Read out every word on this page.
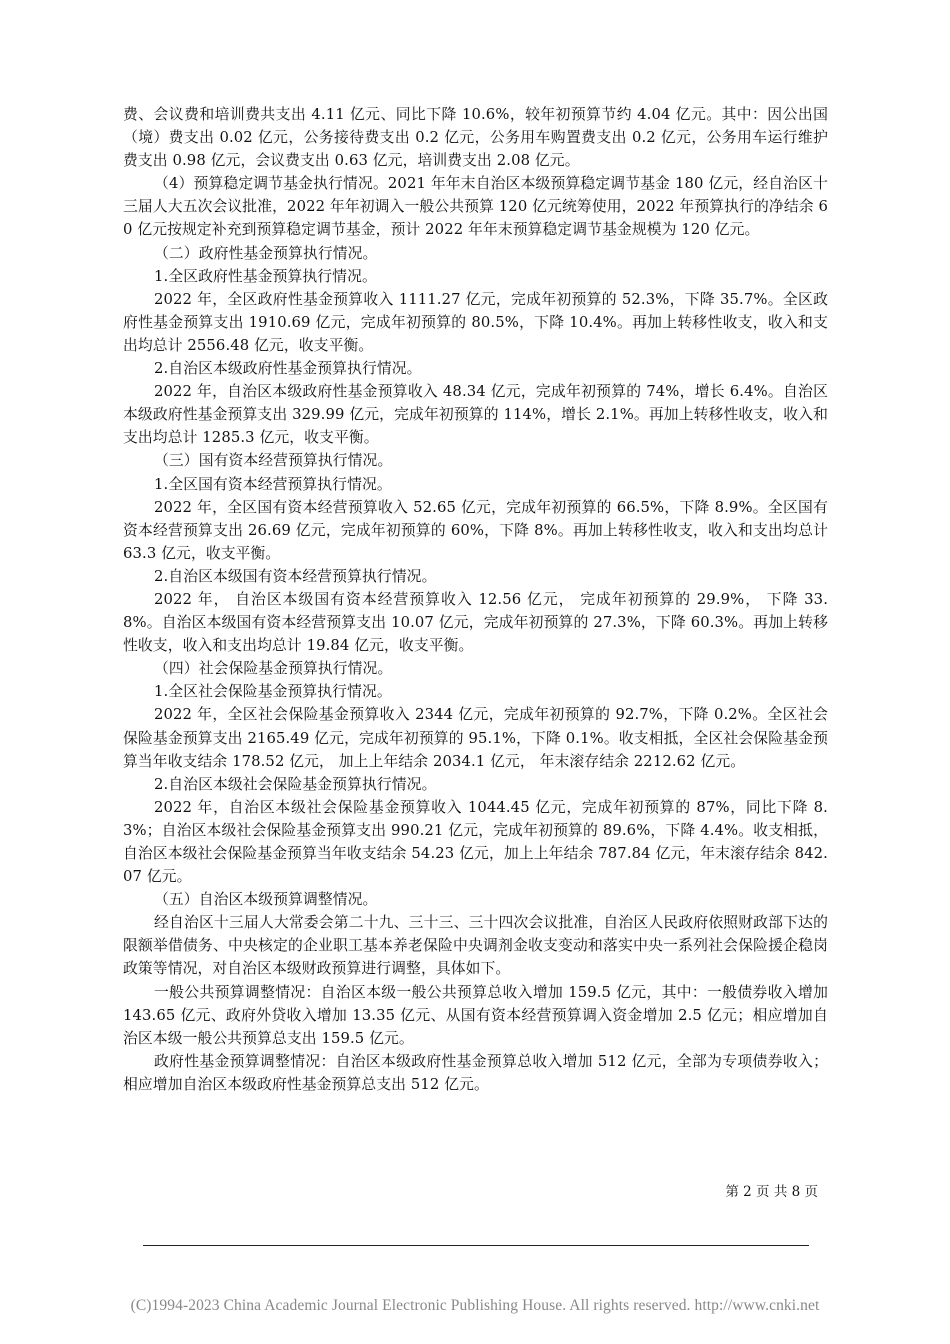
费、会议费和培训费共支出 4.11 亿元、同比下降 10.6%，较年初预算节约 4.04 亿元。其中：因公出国（境）费支出 0.02 亿元，公务接待费支出 0.2 亿元，公务用车购置费支出 0.2 亿元，公务用车运行维护费支出 0.98 亿元，会议费支出 0.63 亿元，培训费支出 2.08 亿元。

（4）预算稳定调节基金执行情况。2021 年年末自治区本级预算稳定调节基金 180 亿元，经自治区十三届人大五次会议批准，2022 年年初调入一般公共预算 120 亿元统筹使用，2022 年预算执行的净结余 60 亿元按规定补充到预算稳定调节基金，预计 2022 年年末预算稳定调节基金规模为 120 亿元。

（二）政府性基金预算执行情况。

1.全区政府性基金预算执行情况。

2022 年，全区政府性基金预算收入 1111.27 亿元，完成年初预算的 52.3%，下降 35.7%。全区政府性基金预算支出 1910.69 亿元，完成年初预算的 80.5%，下降 10.4%。再加上转移性收支，收入和支出均总计 2556.48 亿元，收支平衡。

2.自治区本级政府性基金预算执行情况。

2022 年，自治区本级政府性基金预算收入 48.34 亿元，完成年初预算的 74%，增长 6.4%。自治区本级政府性基金预算支出 329.99 亿元，完成年初预算的 114%，增长 2.1%。再加上转移性收支，收入和支出均总计 1285.3 亿元，收支平衡。

（三）国有资本经营预算执行情况。

1.全区国有资本经营预算执行情况。

2022 年，全区国有资本经营预算收入 52.65 亿元，完成年初预算的 66.5%，下降 8.9%。全区国有资本经营预算支出 26.69 亿元，完成年初预算的 60%，下降 8%。再加上转移性收支，收入和支出均总计 63.3 亿元，收支平衡。

2.自治区本级国有资本经营预算执行情况。

2022 年， 自治区本级国有资本经营预算收入 12.56 亿元， 完成年初预算的 29.9%， 下降 33.8%。自治区本级国有资本经营预算支出 10.07 亿元，完成年初预算的 27.3%，下降 60.3%。再加上转移性收支，收入和支出均总计 19.84 亿元，收支平衡。

（四）社会保险基金预算执行情况。

1.全区社会保险基金预算执行情况。

2022 年，全区社会保险基金预算收入 2344 亿元，完成年初预算的 92.7%，下降 0.2%。全区社会保险基金预算支出 2165.49 亿元，完成年初预算的 95.1%，下降 0.1%。收支相抵，全区社会保险基金预算当年收支结余 178.52 亿元， 加上上年结余 2034.1 亿元， 年末滚存结余 2212.62 亿元。

2.自治区本级社会保险基金预算执行情况。

2022 年，自治区本级社会保险基金预算收入 1044.45 亿元，完成年初预算的 87%，同比下降 8.3%；自治区本级社会保险基金预算支出 990.21 亿元，完成年初预算的 89.6%，下降 4.4%。收支相抵，自治区本级社会保险基金预算当年收支结余 54.23 亿元，加上上年结余 787.84 亿元，年末滚存结余 842.07 亿元。

（五）自治区本级预算调整情况。

经自治区十三届人大常委会第二十九、三十三、三十四次会议批准，自治区人民政府依照财政部下达的限额举借债务、中央核定的企业职工基本养老保险中央调剂金收支变动和落实中央一系列社会保险援企稳岗政策等情况，对自治区本级财政预算进行调整，具体如下。

一般公共预算调整情况：自治区本级一般公共预算总收入增加 159.5 亿元，其中：一般债券收入增加 143.65 亿元、政府外贷收入增加 13.35 亿元、从国有资本经营预算调入资金增加 2.5 亿元；相应增加自治区本级一般公共预算总支出 159.5 亿元。

政府性基金预算调整情况：自治区本级政府性基金预算总收入增加 512 亿元，全部为专项债券收入；相应增加自治区本级政府性基金预算总支出 512 亿元。

第 2 页 共 8 页
(C)1994-2023 China Academic Journal Electronic Publishing House. All rights reserved. http://www.cnki.net
